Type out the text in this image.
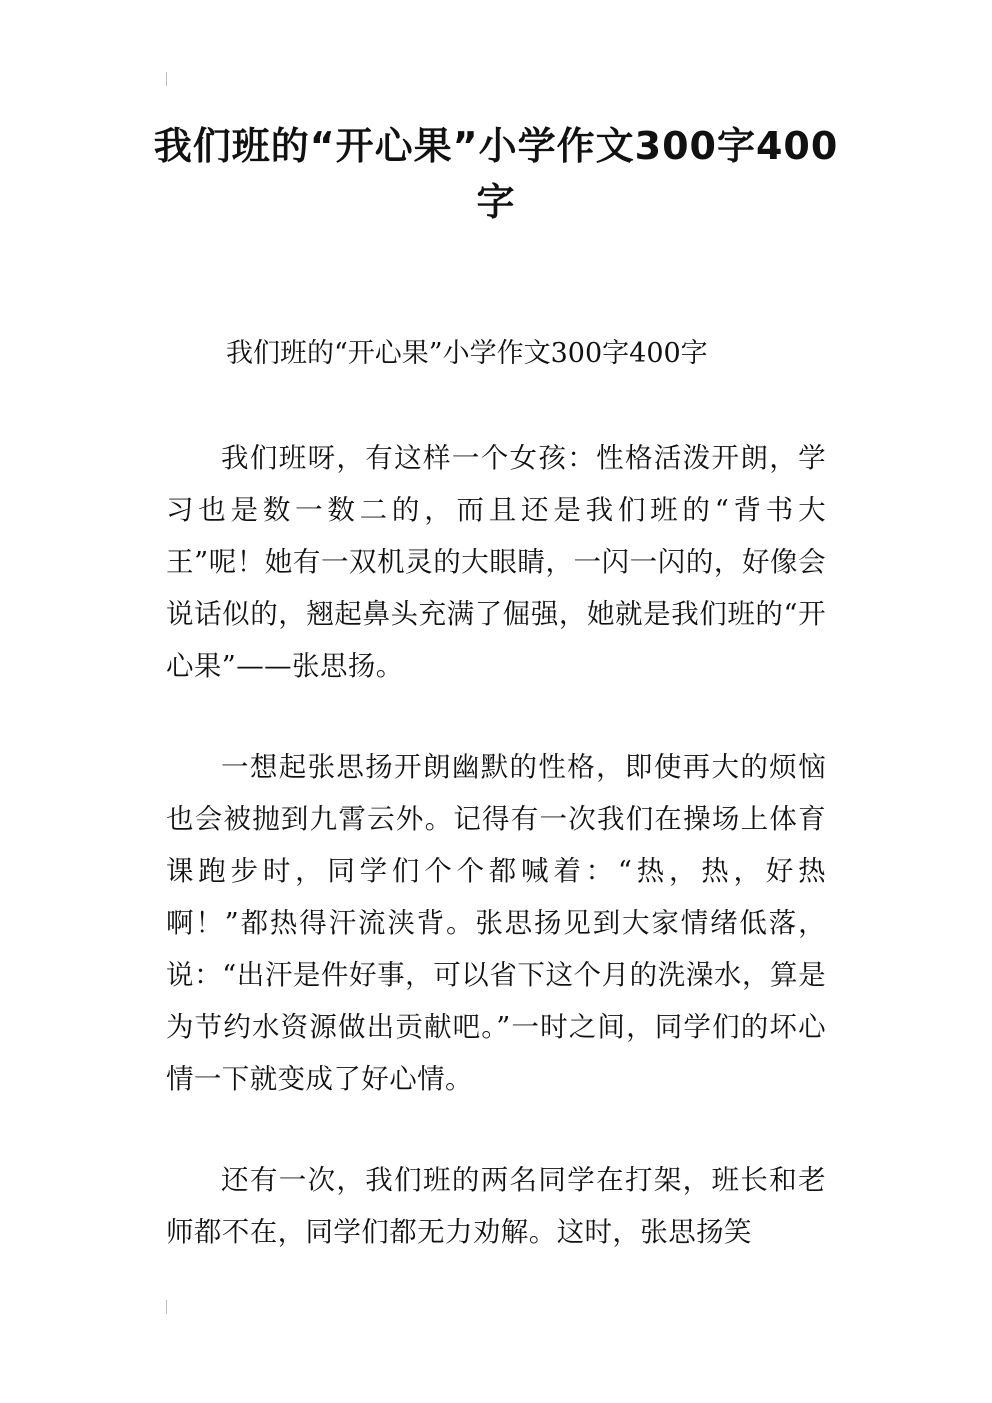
我们班的“开心果”小学作文300字400字

我们班的“开心果”小学作文300字400字

我们班呀，有这样一个女孩：性格活泼开朗，学习也是数一数二的，而且还是我们班的“背书大王”呢！她有一双机灵的大眼睛，一闪一闪的，好像会说话似的，翘起鼻头充满了倔强，她就是我们班的“开心果”——张思扬。

一想起张思扬开朗幽默的性格，即使再大的烦恼也会被抛到九霄云外。记得有一次我们在操场上体育课跑步时，同学们个个都喊着：“热，热，好热啊！”都热得汗流浃背。张思扬见到大家情绪低落，说：“出汗是件好事，可以省下这个月的洗澡水，算是为节约水资源做出贡献吧。”一时之间，同学们的坏心情一下就变成了好心情。

还有一次，我们班的两名同学在打架，班长和老师都不在，同学们都无力劝解。这时，张思扬笑
